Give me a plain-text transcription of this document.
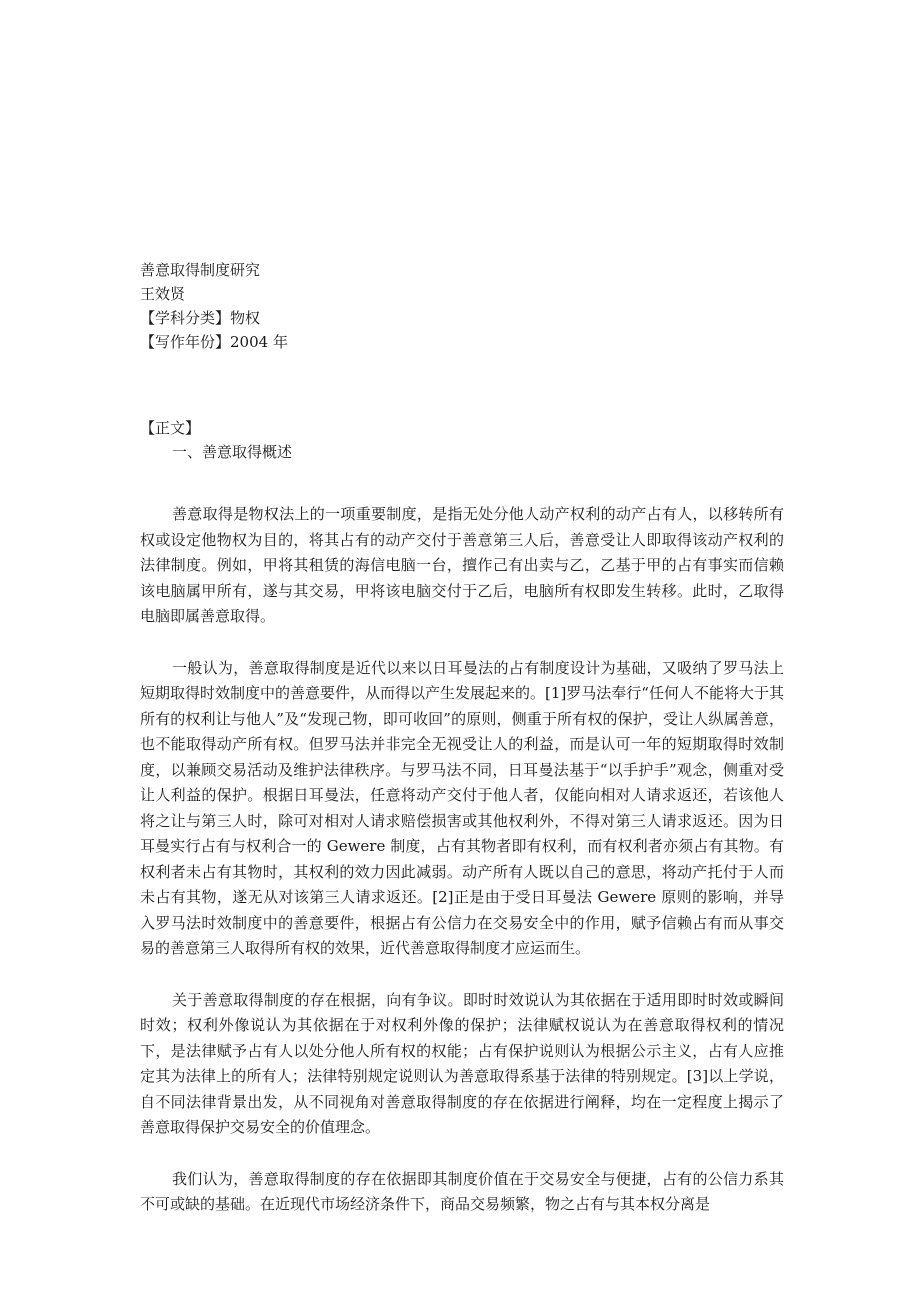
善意取得制度研究
王效贤
【学科分类】物权
【写作年份】2004 年
【正文】
一、善意取得概述

善意取得是物权法上的一项重要制度，是指无处分他人动产权利的动产占有人，以移转所有权或设定他物权为目的，将其占有的动产交付于善意第三人后，善意受让人即取得该动产权利的法律制度。例如，甲将其租赁的海信电脑一台，擅作己有出卖与乙，乙基于甲的占有事实而信赖该电脑属甲所有，遂与其交易，甲将该电脑交付于乙后，电脑所有权即发生转移。此时，乙取得电脑即属善意取得。

一般认为，善意取得制度是近代以来以日耳曼法的占有制度设计为基础，又吸纳了罗马法上短期取得时效制度中的善意要件，从而得以产生发展起来的。[1]罗马法奉行“任何人不能将大于其所有的权利让与他人”及“发现己物，即可收回”的原则，侧重于所有权的保护，受让人纵属善意，也不能取得动产所有权。但罗马法并非完全无视受让人的利益，而是认可一年的短期取得时效制度，以兼顾交易活动及维护法律秩序。与罗马法不同，日耳曼法基于“以手护手”观念，侧重对受让人利益的保护。根据日耳曼法，任意将动产交付于他人者，仅能向相对人请求返还，若该他人将之让与第三人时，除可对相对人请求赔偿损害或其他权利外，不得对第三人请求返还。因为日耳曼实行占有与权利合一的 Gewere 制度，占有其物者即有权利，而有权利者亦须占有其物。有权利者未占有其物时，其权利的效力因此减弱。动产所有人既以自己的意思，将动产托付于人而未占有其物，遂无从对该第三人请求返还。[2]正是由于受日耳曼法 Gewere 原则的影响，并导入罗马法时效制度中的善意要件，根据占有公信力在交易安全中的作用，赋予信赖占有而从事交易的善意第三人取得所有权的效果，近代善意取得制度才应运而生。

关于善意取得制度的存在根据，向有争议。即时时效说认为其依据在于适用即时时效或瞬间时效；权利外像说认为其依据在于对权利外像的保护；法律赋权说认为在善意取得权利的情况下，是法律赋予占有人以处分他人所有权的权能；占有保护说则认为根据公示主义，占有人应推定其为法律上的所有人；法律特别规定说则认为善意取得系基于法律的特别规定。[3]以上学说，自不同法律背景出发，从不同视角对善意取得制度的存在依据进行阐释，均在一定程度上揭示了善意取得保护交易安全的价值理念。

我们认为，善意取得制度的存在依据即其制度价值在于交易安全与便捷，占有的公信力系其不可或缺的基础。在近现代市场经济条件下，商品交易频繁，物之占有与其本权分离是
